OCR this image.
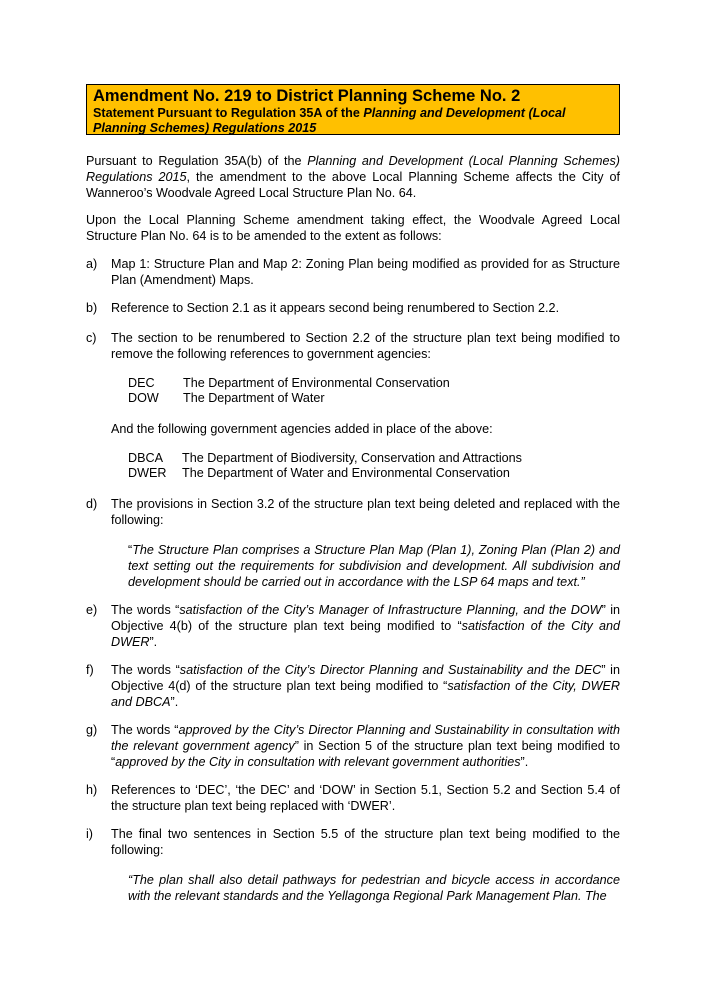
Amendment No. 219 to District Planning Scheme No. 2
Statement Pursuant to Regulation 35A of the Planning and Development (Local Planning Schemes) Regulations 2015
Pursuant to Regulation 35A(b) of the Planning and Development (Local Planning Schemes) Regulations 2015, the amendment to the above Local Planning Scheme affects the City of Wanneroo’s Woodvale Agreed Local Structure Plan No. 64.
Upon the Local Planning Scheme amendment taking effect, the Woodvale Agreed Local Structure Plan No. 64 is to be amended to the extent as follows:
a)	Map 1: Structure Plan and Map 2: Zoning Plan being modified as provided for as Structure Plan (Amendment) Maps.
b)	Reference to Section 2.1 as it appears second being renumbered to Section 2.2.
c)	The section to be renumbered to Section 2.2 of the structure plan text being modified to remove the following references to government agencies:
DEC The Department of Environmental Conservation
DOW The Department of Water
And the following government agencies added in place of the above:
DBCA The Department of Biodiversity, Conservation and Attractions
DWER The Department of Water and Environmental Conservation
d)	The provisions in Section 3.2 of the structure plan text being deleted and replaced with the following:
“The Structure Plan comprises a Structure Plan Map (Plan 1), Zoning Plan (Plan 2) and text setting out the requirements for subdivision and development. All subdivision and development should be carried out in accordance with the LSP 64 maps and text.”
e)	The words “satisfaction of the City’s Manager of Infrastructure Planning, and the DOW” in Objective 4(b) of the structure plan text being modified to “satisfaction of the City and DWER”.
f)	The words “satisfaction of the City’s Director Planning and Sustainability and the DEC” in Objective 4(d) of the structure plan text being modified to “satisfaction of the City, DWER and DBCA”.
g)	The words “approved by the City’s Director Planning and Sustainability in consultation with the relevant government agency” in Section 5 of the structure plan text being modified to “approved by the City in consultation with relevant government authorities”.
h)	References to ‘DEC’, ‘the DEC’ and ‘DOW’ in Section 5.1, Section 5.2 and Section 5.4 of the structure plan text being replaced with ‘DWER’.
i)	The final two sentences in Section 5.5 of the structure plan text being modified to the following:
“The plan shall also detail pathways for pedestrian and bicycle access in accordance with the relevant standards and the Yellagonga Regional Park Management Plan. The
